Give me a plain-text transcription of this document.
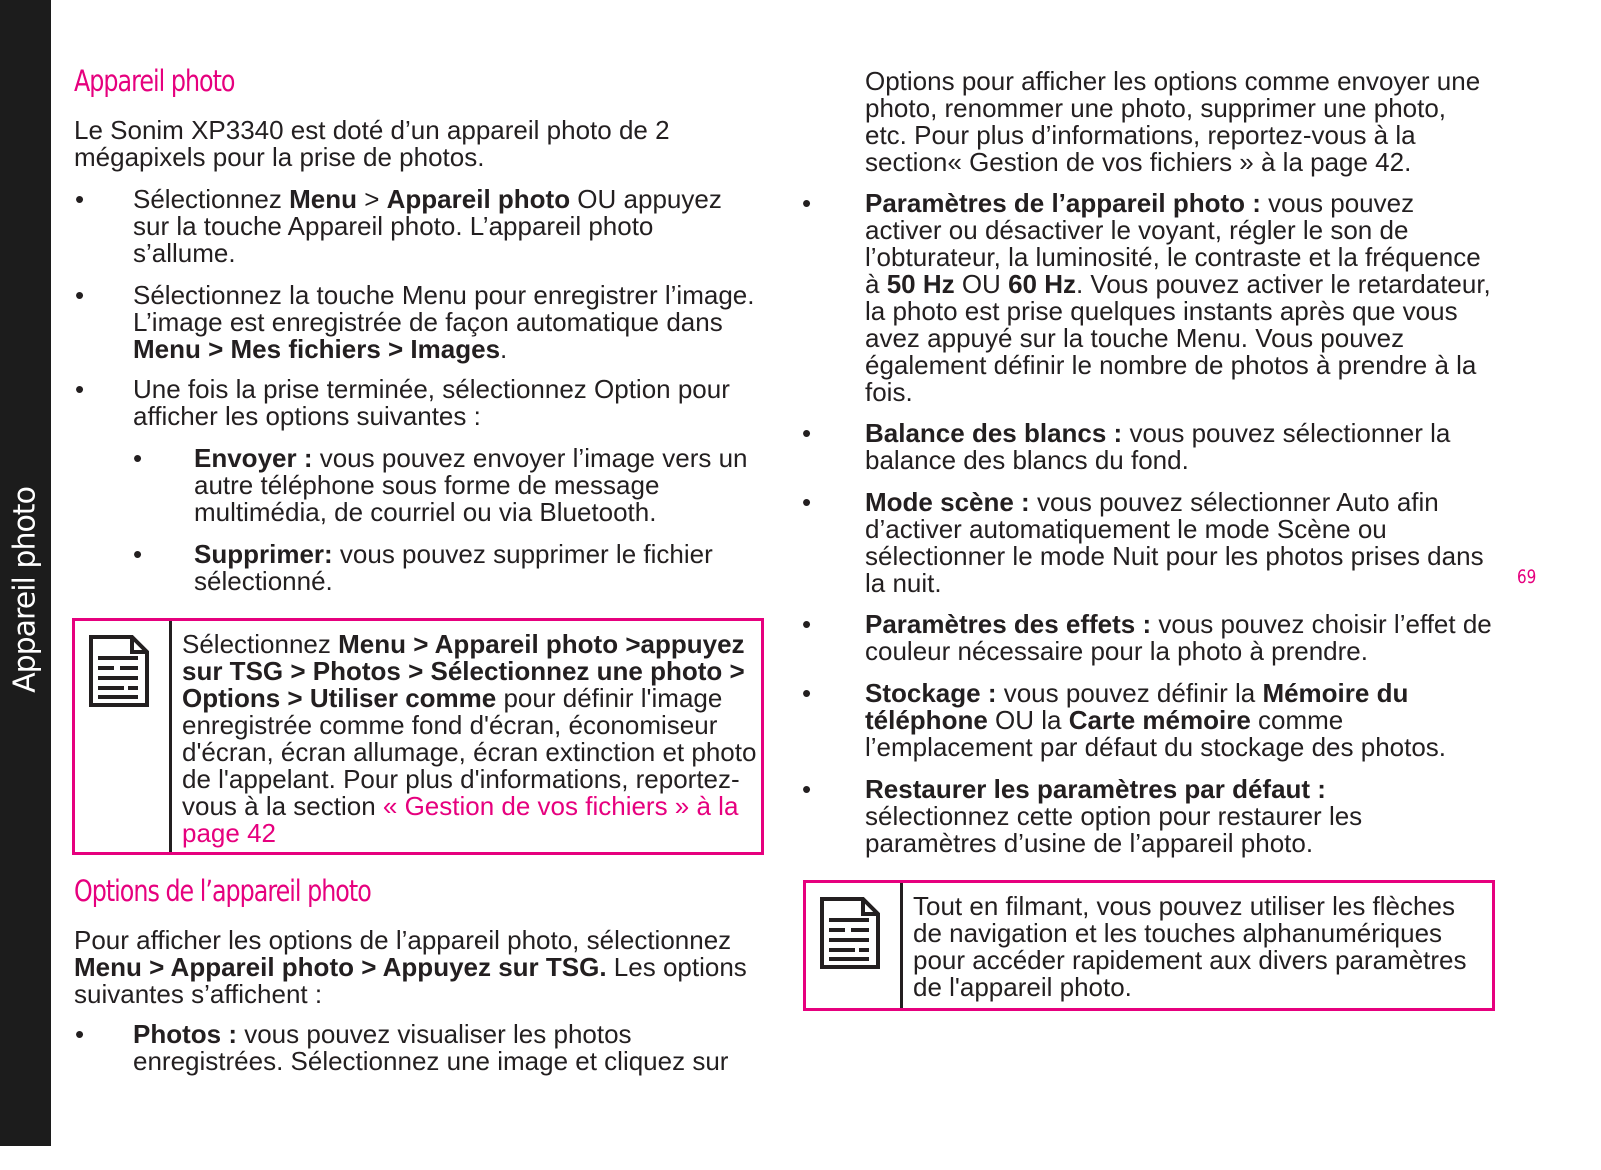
Appareil photo	69
Appareil photo
Le Sonim XP3340 est doté d’un appareil photo de 2 mégapixels pour la prise de photos.
• Sélectionnez Menu > Appareil photo OU appuyez sur la touche Appareil photo. L’appareil photo s’allume.
• Sélectionnez la touche Menu pour enregistrer l’image. L’image est enregistrée de façon automatique dans Menu > Mes fichiers > Images.
• Une fois la prise terminée, sélectionnez Option pour afficher les options suivantes :
• Envoyer : vous pouvez envoyer l’image vers un autre téléphone sous forme de message multimédia, de courriel ou via Bluetooth.
• Supprimer: vous pouvez supprimer le fichier sélectionné.
Sélectionnez Menu > Appareil photo >appuyez sur TSG > Photos > Sélectionnez une photo > Options > Utiliser comme pour définir l'image enregistrée comme fond d'écran, économiseur d'écran, écran allumage, écran extinction et photo de l'appelant. Pour plus d'informations, reportez-vous à la section « Gestion de vos fichiers » à la page 42
Options de l’appareil photo
Pour afficher les options de l’appareil photo, sélectionnez Menu > Appareil photo > Appuyez sur TSG. Les options suivantes s’affichent :
• Photos : vous pouvez visualiser les photos enregistrées. Sélectionnez une image et cliquez sur
Options pour afficher les options comme envoyer une photo, renommer une photo, supprimer une photo, etc. Pour plus d’informations, reportez-vous à la section« Gestion de vos fichiers » à la page 42.
• Paramètres de l’appareil photo : vous pouvez activer ou désactiver le voyant, régler le son de l’obturateur, la luminosité, le contraste et la fréquence à 50 Hz OU 60 Hz. Vous pouvez activer le retardateur, la photo est prise quelques instants après que vous avez appuyé sur la touche Menu. Vous pouvez également définir le nombre de photos à prendre à la fois.
• Balance des blancs : vous pouvez sélectionner la balance des blancs du fond.
• Mode scène : vous pouvez sélectionner Auto afin d’activer automatiquement le mode Scène ou sélectionner le mode Nuit pour les photos prises dans la nuit.
• Paramètres des effets : vous pouvez choisir l’effet de couleur nécessaire pour la photo à prendre.
• Stockage : vous pouvez définir la Mémoire du téléphone OU la Carte mémoire comme l’emplacement par défaut du stockage des photos.
• Restaurer les paramètres par défaut : sélectionnez cette option pour restaurer les paramètres d’usine de l’appareil photo.
Tout en filmant, vous pouvez utiliser les flèches de navigation et les touches alphanumériques pour accéder rapidement aux divers paramètres de l'appareil photo.
